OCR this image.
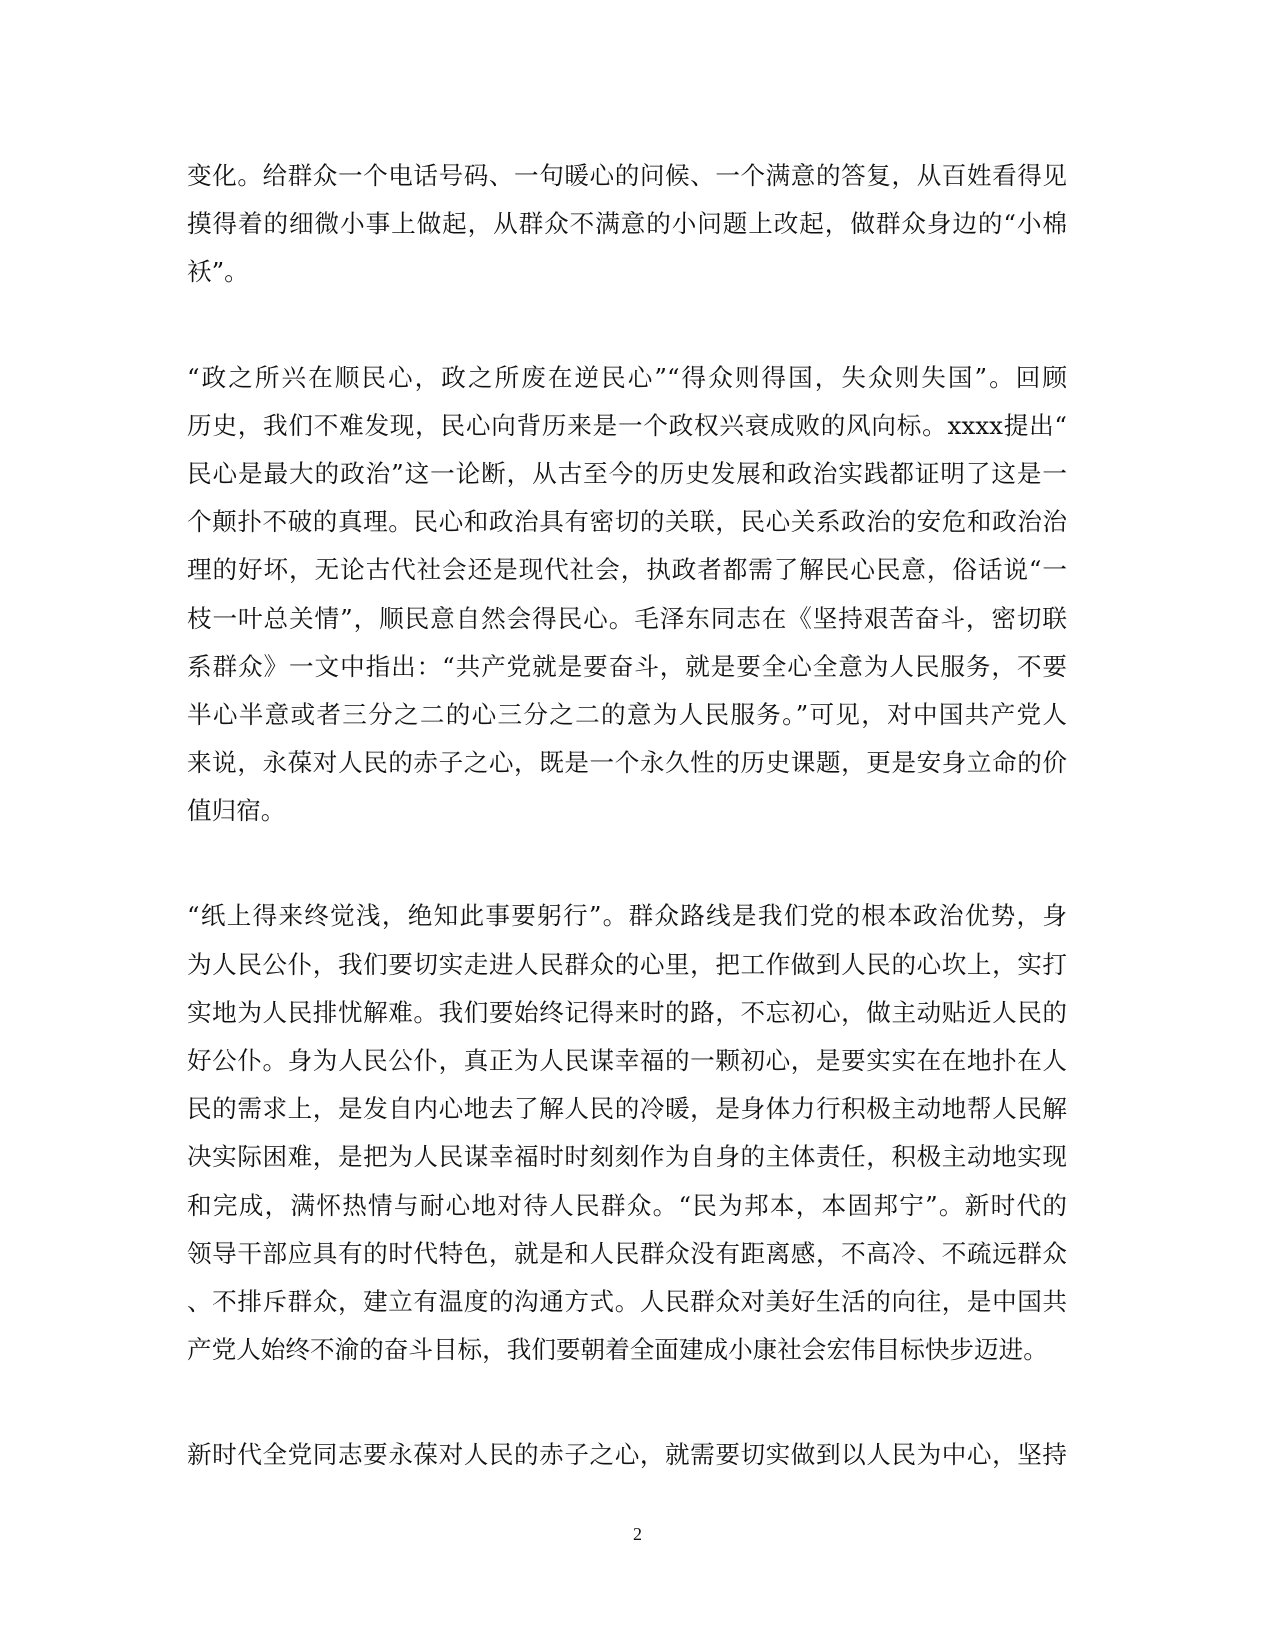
变化。给群众一个电话号码、一句暖心的问候、一个满意的答复，从百姓看得见
摸得着的细微小事上做起，从群众不满意的小问题上改起，做群众身边的“小棉
袄”。

“政之所兴在顺民心，政之所废在逆民心”“得众则得国，失众则失国”。回顾
历史，我们不难发现，民心向背历来是一个政权兴衰成败的风向标。xxxx提出“
民心是最大的政治”这一论断，从古至今的历史发展和政治实践都证明了这是一
个颠扑不破的真理。民心和政治具有密切的关联，民心关系政治的安危和政治治
理的好坏，无论古代社会还是现代社会，执政者都需了解民心民意，俗话说“一
枝一叶总关情”，顺民意自然会得民心。毛泽东同志在《坚持艰苦奋斗，密切联
系群众》一文中指出：“共产党就是要奋斗，就是要全心全意为人民服务，不要
半心半意或者三分之二的心三分之二的意为人民服务。”可见，对中国共产党人
来说，永葆对人民的赤子之心，既是一个永久性的历史课题，更是安身立命的价
值归宿。

“纸上得来终觉浅，绝知此事要躬行”。群众路线是我们党的根本政治优势，身
为人民公仆，我们要切实走进人民群众的心里，把工作做到人民的心坎上，实打
实地为人民排忧解难。我们要始终记得来时的路，不忘初心，做主动贴近人民的
好公仆。身为人民公仆，真正为人民谋幸福的一颗初心，是要实实在在地扑在人
民的需求上，是发自内心地去了解人民的冷暖，是身体力行积极主动地帮人民解
决实际困难，是把为人民谋幸福时时刻刻作为自身的主体责任，积极主动地实现
和完成，满怀热情与耐心地对待人民群众。“民为邦本，本固邦宁”。新时代的
领导干部应具有的时代特色，就是和人民群众没有距离感，不高冷、不疏远群众
、不排斥群众，建立有温度的沟通方式。人民群众对美好生活的向往，是中国共
产党人始终不渝的奋斗目标，我们要朝着全面建成小康社会宏伟目标快步迈进。

新时代全党同志要永葆对人民的赤子之心，就需要切实做到以人民为中心，坚持

2
